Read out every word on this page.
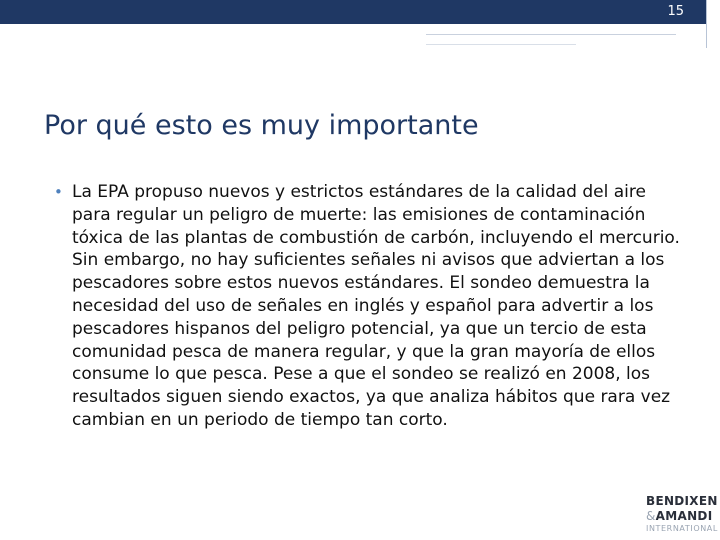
15
Por qué esto es muy importante
• La EPA propuso nuevos y estrictos estándares de la calidad del aire para regular un peligro de muerte: las emisiones de contaminación tóxica de las plantas de combustión de carbón, incluyendo el mercurio. Sin embargo, no hay suficientes señales ni avisos que adviertan a los pescadores sobre estos nuevos estándares. El sondeo demuestra la necesidad del uso de señales en inglés y español para advertir a los pescadores hispanos del peligro potencial, ya que un tercio de esta comunidad pesca de manera regular, y que la gran mayoría de ellos consume lo que pesca. Pese a que el sondeo se realizó en 2008, los resultados siguen siendo exactos, ya que analiza hábitos que rara vez cambian en un periodo de tiempo tan corto.
BENDIXEN
&AMANDI
INTERNATIONAL
